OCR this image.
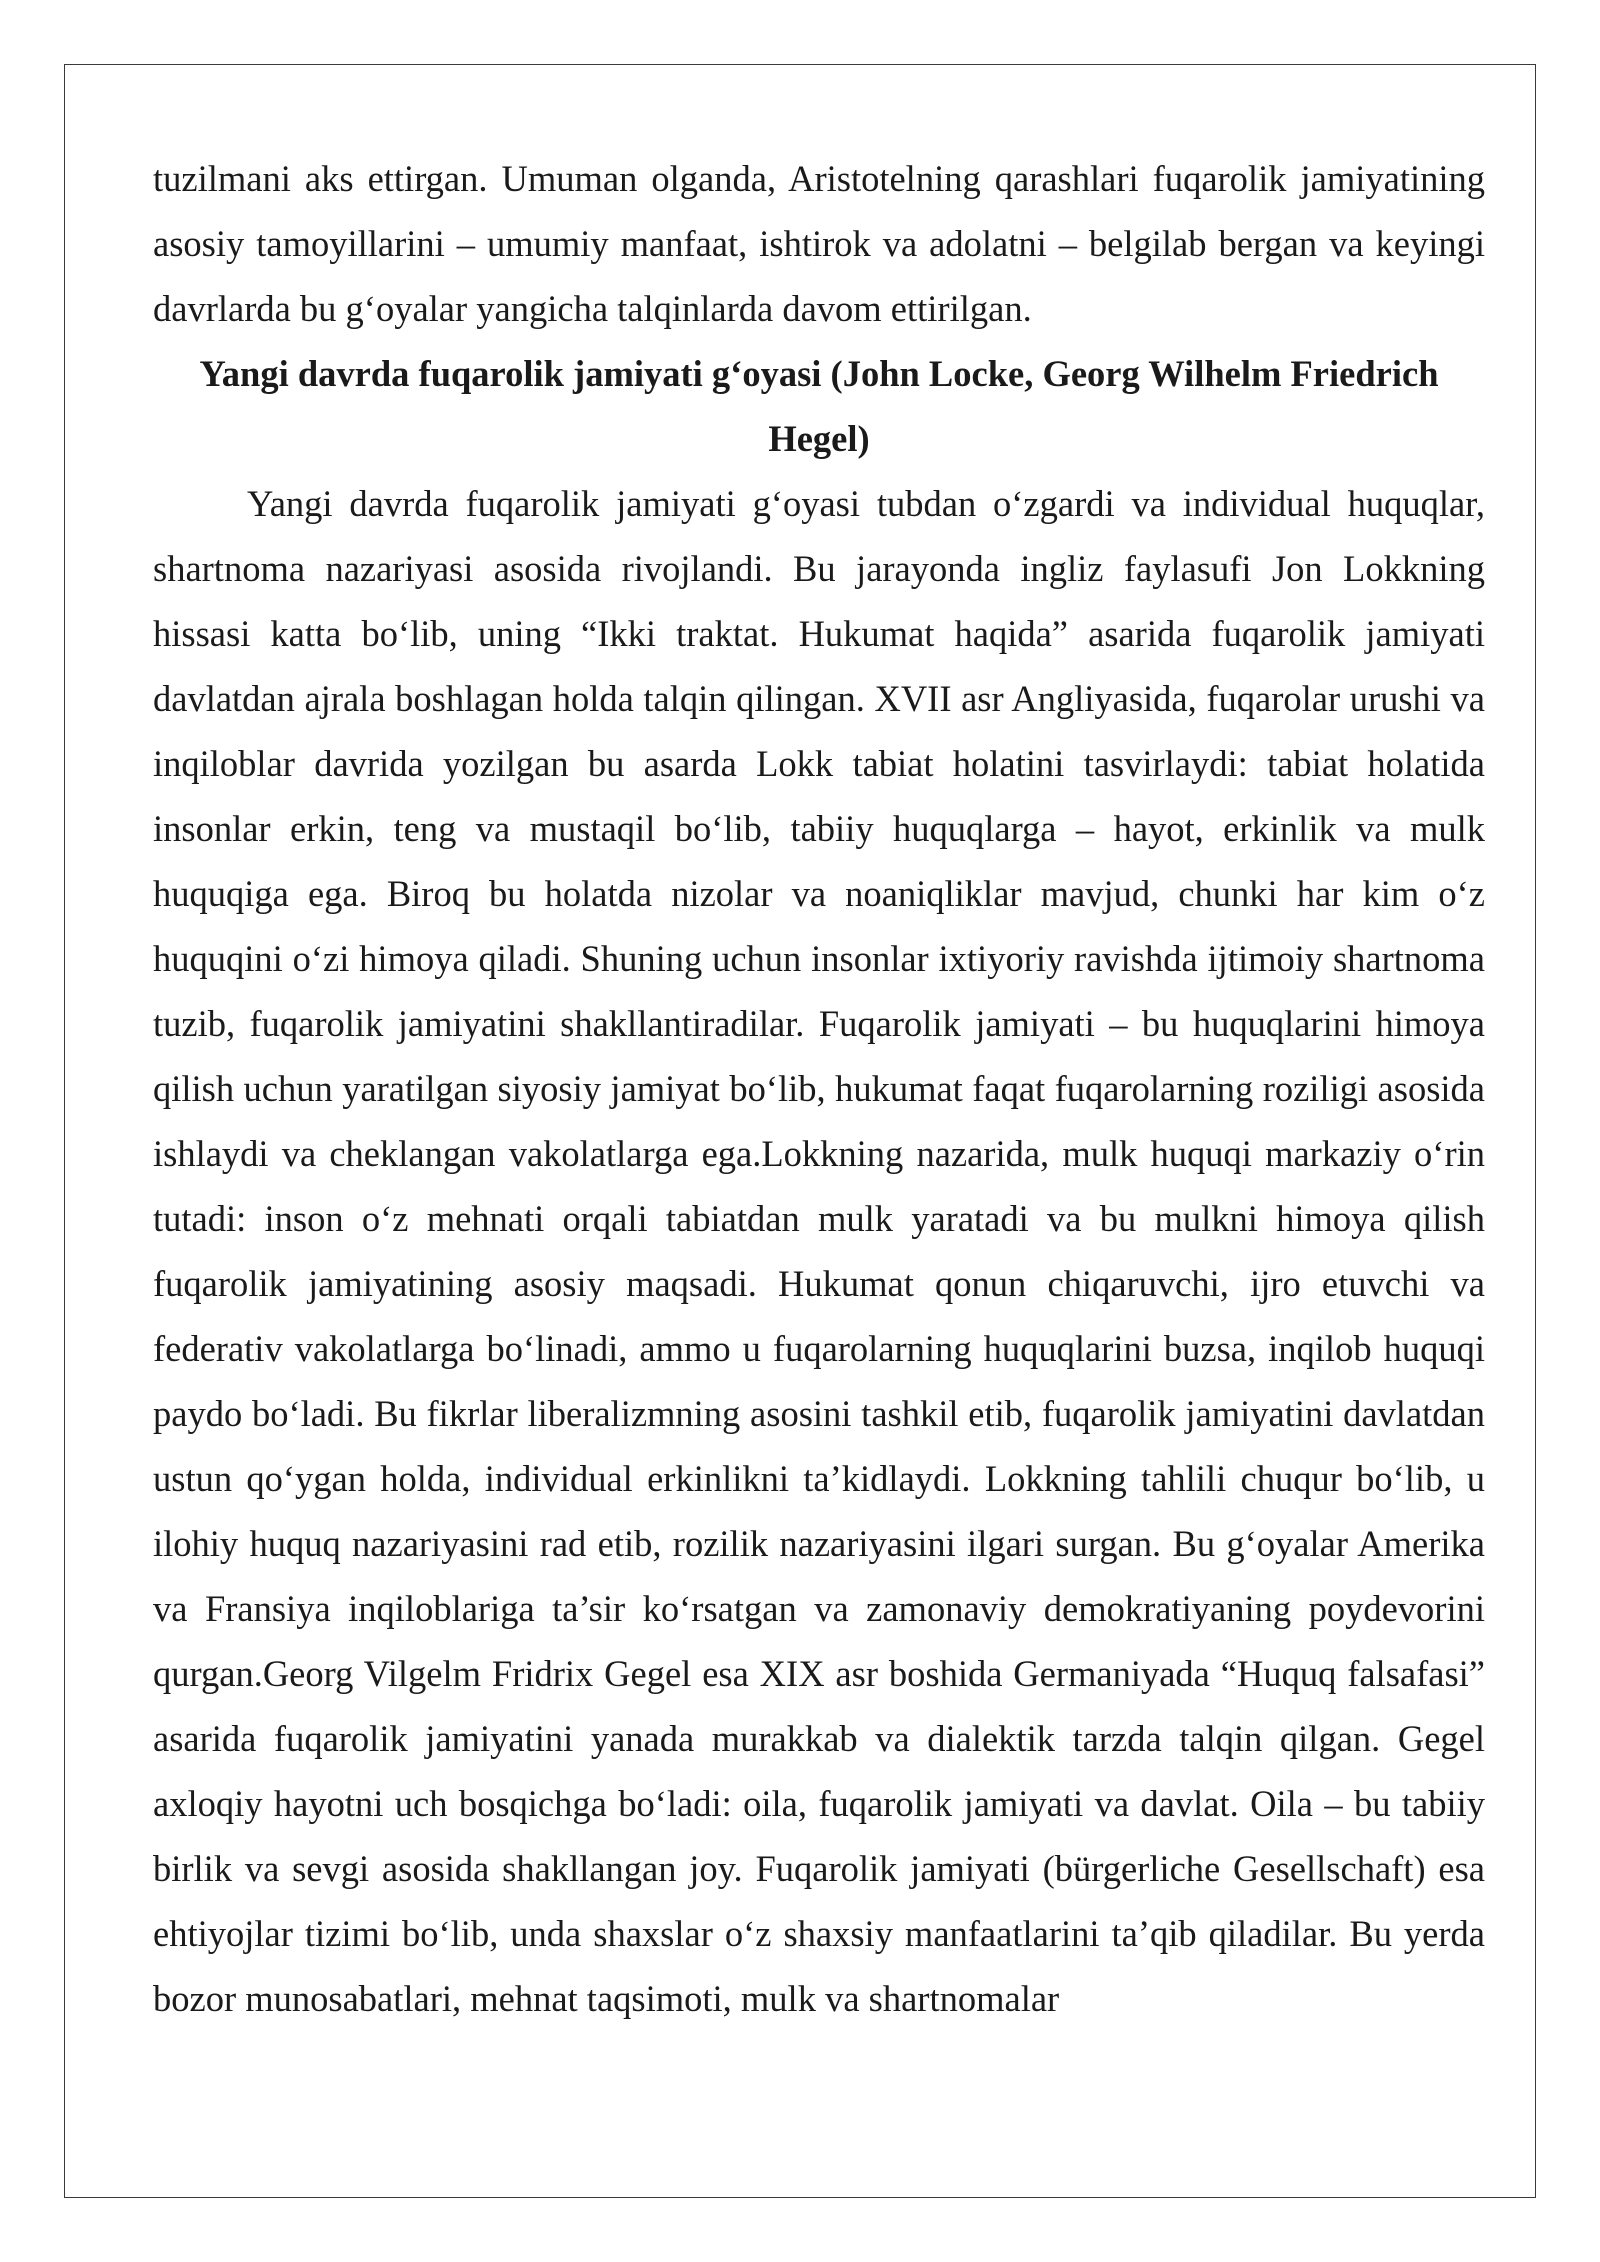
tuzilmani aks ettirgan. Umuman olganda, Aristotelning qarashlari fuqarolik jamiyatining asosiy tamoyillarini – umumiy manfaat, ishtirok va adolatni – belgilab bergan va keyingi davrlarda bu g‘oyalar yangicha talqinlarda davom ettirilgan.

Yangi davrda fuqarolik jamiyati g‘oyasi (John Locke, Georg Wilhelm Friedrich Hegel)

Yangi davrda fuqarolik jamiyati g‘oyasi tubdan o‘zgardi va individual huquqlar, shartnoma nazariyasi asosida rivojlandi. Bu jarayonda ingliz faylasufi Jon Lokkning hissasi katta bo‘lib, uning “Ikki traktat. Hukumat haqida” asarida fuqarolik jamiyati davlatdan ajrala boshlagan holda talqin qilingan. XVII asr Angliyasida, fuqarolar urushi va inqiloblar davrida yozilgan bu asarda Lokk tabiat holatini tasvirlaydi: tabiat holatida insonlar erkin, teng va mustaqil bo‘lib, tabiiy huquqlarga – hayot, erkinlik va mulk huquqiga ega. Biroq bu holatda nizolar va noaniqliklar mavjud, chunki har kim o‘z huquqini o‘zi himoya qiladi. Shuning uchun insonlar ixtiyoriy ravishda ijtimoiy shartnoma tuzib, fuqarolik jamiyatini shakllantiradilar. Fuqarolik jamiyati – bu huquqlarini himoya qilish uchun yaratilgan siyosiy jamiyat bo‘lib, hukumat faqat fuqarolarning roziligi asosida ishlaydi va cheklangan vakolatlarga ega.Lokkning nazarida, mulk huquqi markaziy o‘rin tutadi: inson o‘z mehnati orqali tabiatdan mulk yaratadi va bu mulkni himoya qilish fuqarolik jamiyatining asosiy maqsadi. Hukumat qonun chiqaruvchi, ijro etuvchi va federativ vakolatlarga bo‘linadi, ammo u fuqarolarning huquqlarini buzsa, inqilob huquqi paydo bo‘ladi. Bu fikrlar liberalizmning asosini tashkil etib, fuqarolik jamiyatini davlatdan ustun qo‘ygan holda, individual erkinlikni ta’kidlaydi. Lokkning tahlili chuqur bo‘lib, u ilohiy huquq nazariyasini rad etib, rozilik nazariyasini ilgari surgan. Bu g‘oyalar Amerika va Fransiya inqiloblariga ta’sir ko‘rsatgan va zamonaviy demokratiyaning poydevorini qurgan.Georg Vilgelm Fridrix Gegel esa XIX asr boshida Germaniyada “Huquq falsafasi” asarida fuqarolik jamiyatini yanada murakkab va dialektik tarzda talqin qilgan. Gegel axloqiy hayotni uch bosqichga bo‘ladi: oila, fuqarolik jamiyati va davlat. Oila – bu tabiiy birlik va sevgi asosida shakllangan joy. Fuqarolik jamiyati (bürgerliche Gesellschaft) esa ehtiyojlar tizimi bo‘lib, unda shaxslar o‘z shaxsiy manfaatlarini ta’qib qiladilar. Bu yerda bozor munosabatlari, mehnat taqsimoti, mulk va shartnomalar
